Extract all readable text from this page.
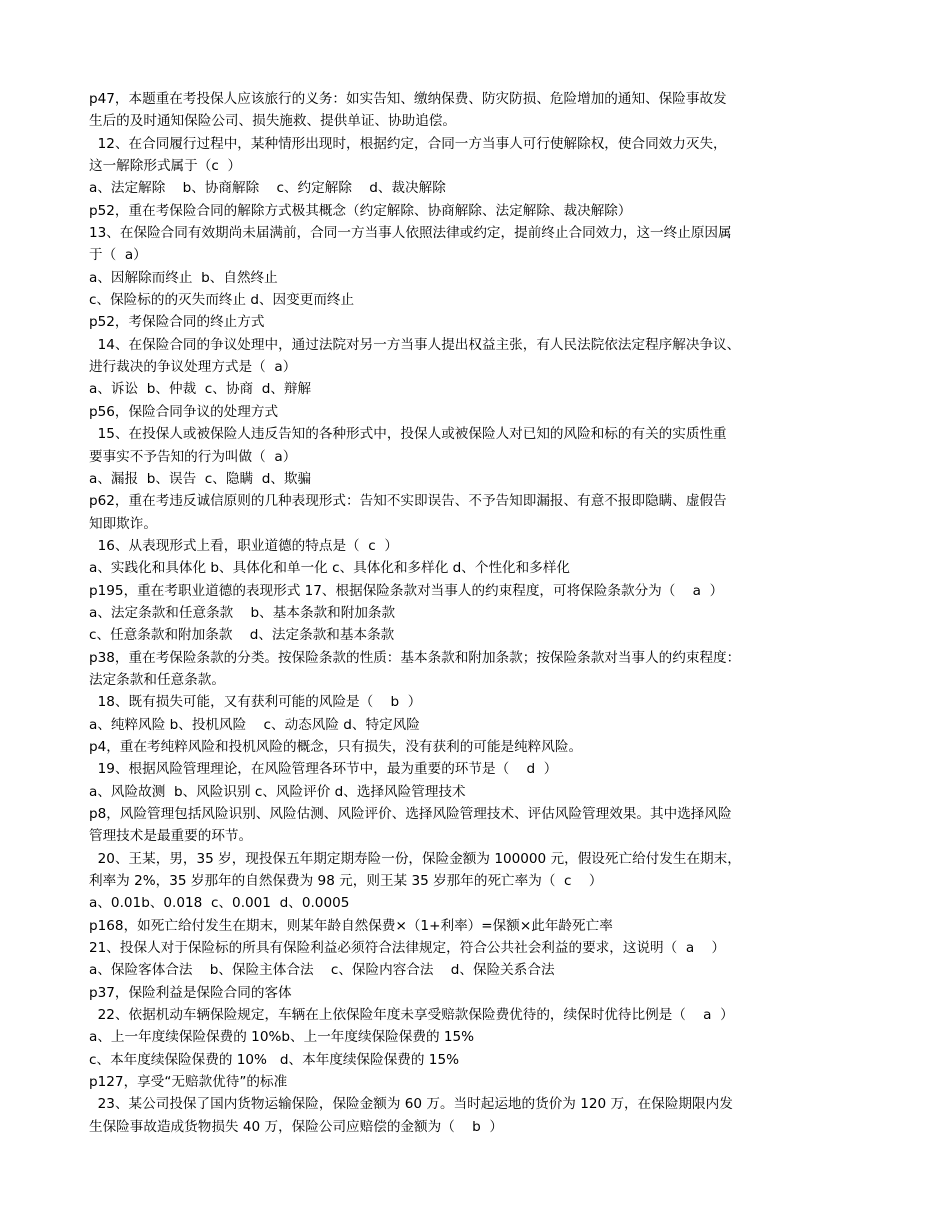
p47，本题重在考投保人应该旅行的义务：如实告知、缴纳保费、防灾防损、危险增加的通知、保险事故发
生后的及时通知保险公司、损失施救、提供单证、协助追偿。
12、在合同履行过程中，某种情形出现时，根据约定，合同一方当事人可行使解除权，使合同效力灭失，
这一解除形式属于（c  ）
a、法定解除    b、协商解除    c、约定解除    d、裁决解除
p52，重在考保险合同的解除方式极其概念（约定解除、协商解除、法定解除、裁决解除）
13、在保险合同有效期尚未届满前，合同一方当事人依照法律或约定，提前终止合同效力，这一终止原因属
于（  a）
a、因解除而终止  b、自然终止
c、保险标的的灭失而终止 d、因变更而终止
p52，考保险合同的终止方式
14、在保险合同的争议处理中，通过法院对另一方当事人提出权益主张，有人民法院依法定程序解决争议、
进行裁决的争议处理方式是（  a）
a、诉讼  b、仲裁  c、协商  d、辩解
p56，保险合同争议的处理方式
15、在投保人或被保险人违反告知的各种形式中，投保人或被保险人对已知的风险和标的有关的实质性重
要事实不予告知的行为叫做（  a）
a、漏报  b、误告  c、隐瞒  d、欺骗
p62，重在考违反诚信原则的几种表现形式：告知不实即误告、不予告知即漏报、有意不报即隐瞒、虚假告
知即欺诈。
16、从表现形式上看，职业道德的特点是（  c  ）
a、实践化和具体化 b、具体化和单一化 c、具体化和多样化 d、个性化和多样化
p195，重在考职业道德的表现形式 17、根据保险条款对当事人的约束程度，可将保险条款分为（    a  ）
a、法定条款和任意条款    b、基本条款和附加条款
c、任意条款和附加条款    d、法定条款和基本条款
p38，重在考保险条款的分类。按保险条款的性质：基本条款和附加条款；按保险条款对当事人的约束程度：
法定条款和任意条款。
18、既有损失可能，又有获利可能的风险是（    b  ）
a、纯粹风险 b、投机风险    c、动态风险 d、特定风险
p4，重在考纯粹风险和投机风险的概念，只有损失，没有获利的可能是纯粹风险。
19、根据风险管理理论，在风险管理各环节中，最为重要的环节是（    d  ）
a、风险故测  b、风险识别 c、风险评价 d、选择风险管理技术
p8，风险管理包括风险识别、风险估测、风险评价、选择风险管理技术、评估风险管理效果。其中选择风险
管理技术是最重要的环节。
20、王某，男，35 岁，现投保五年期定期寿险一份，保险金额为 100000 元，假设死亡给付发生在期末，
利率为 2%，35 岁那年的自然保费为 98 元，则王某 35 岁那年的死亡率为（  c    ）
a、0.01b、0.018  c、0.001  d、0.0005
p168，如死亡给付发生在期末，则某年龄自然保费×（1+利率）=保额×此年龄死亡率
21、投保人对于保险标的所具有保险利益必须符合法律规定，符合公共社会利益的要求，这说明（  a    ）
a、保险客体合法    b、保险主体合法    c、保险内容合法    d、保险关系合法
p37，保险利益是保险合同的客体
22、依据机动车辆保险规定，车辆在上依保险年度未享受赔款保险费优待的，续保时优待比例是（    a  ）
a、上一年度续保险保费的 10%b、上一年度续保险保费的 15%
c、本年度续保险保费的 10%   d、本年度续保险保费的 15%
p127，享受“无赔款优待”的标准
23、某公司投保了国内货物运输保险，保险金额为 60 万。当时起运地的货价为 120 万，在保险期限内发
生保险事故造成货物损失 40 万，保险公司应赔偿的金额为（    b  ）
